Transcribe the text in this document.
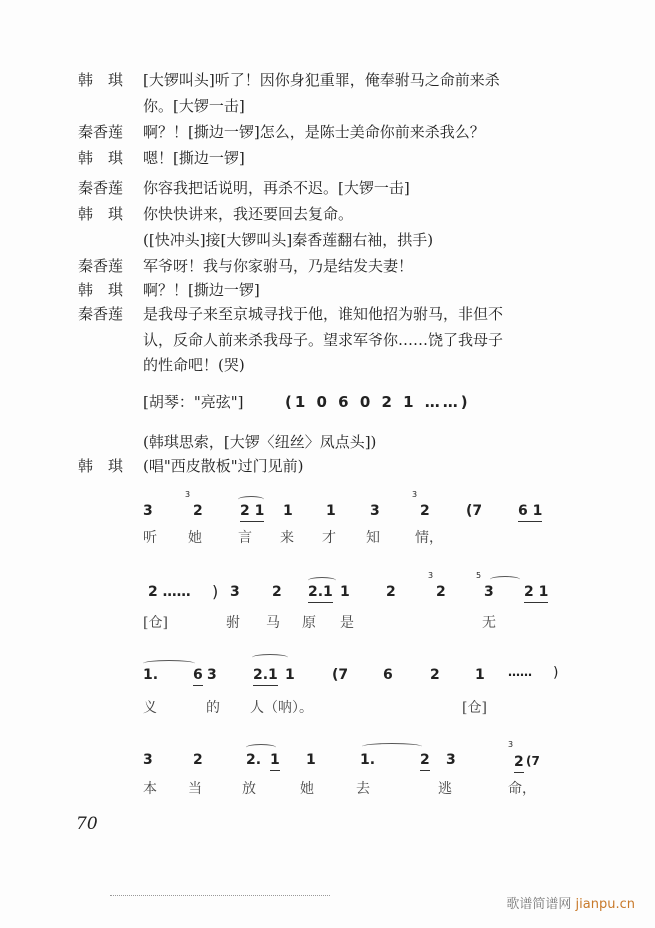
韩　琪	[大锣叫头]听了！因你身犯重罪，俺奉驸马之命前来杀
你。[大锣一击]
秦香莲	啊？！[撕边一锣]怎么，是陈士美命你前来杀我么？
韩　琪	嗯！[撕边一锣]
秦香莲	你容我把话说明，再杀不迟。[大锣一击]
韩　琪	你快快讲来，我还要回去复命。
([快冲头]接[大锣叫头]秦香莲翻右袖，拱手)
秦香莲	军爷呀！我与你家驸马，乃是结发夫妻！
韩　琪	啊？！[撕边一锣]
秦香莲	是我母子来至京城寻找于他，谁知他招为驸马，非但不
认，反命人前来杀我母子。望求军爷你……饶了我母子
的性命吧！(哭)
[胡琴："亮弦"]	(1 0 6 0 2 1 ……)
(韩琪思索，[大锣〈纽丝〉凤点头])
韩　琪	(唱"西皮散板"过门见前)
3
3
2	2 1 1 1 3
3
2	(7	6 1
听 她	言 来 才 知	情，
2 …… ) 3 2 2.1 1	2
3
2
5
3 2 1
[仓]	驸 马 原 是	无
1. 6 3	2.1 1	(7 6	2	1 …… )
义	的 人（呐）。	[仓]
3	2	2. 1 1	1.	2 3
3
2 (7
本 当	放	她	去	逃	命，
70
歌谱简谱网 jianpu.cn
